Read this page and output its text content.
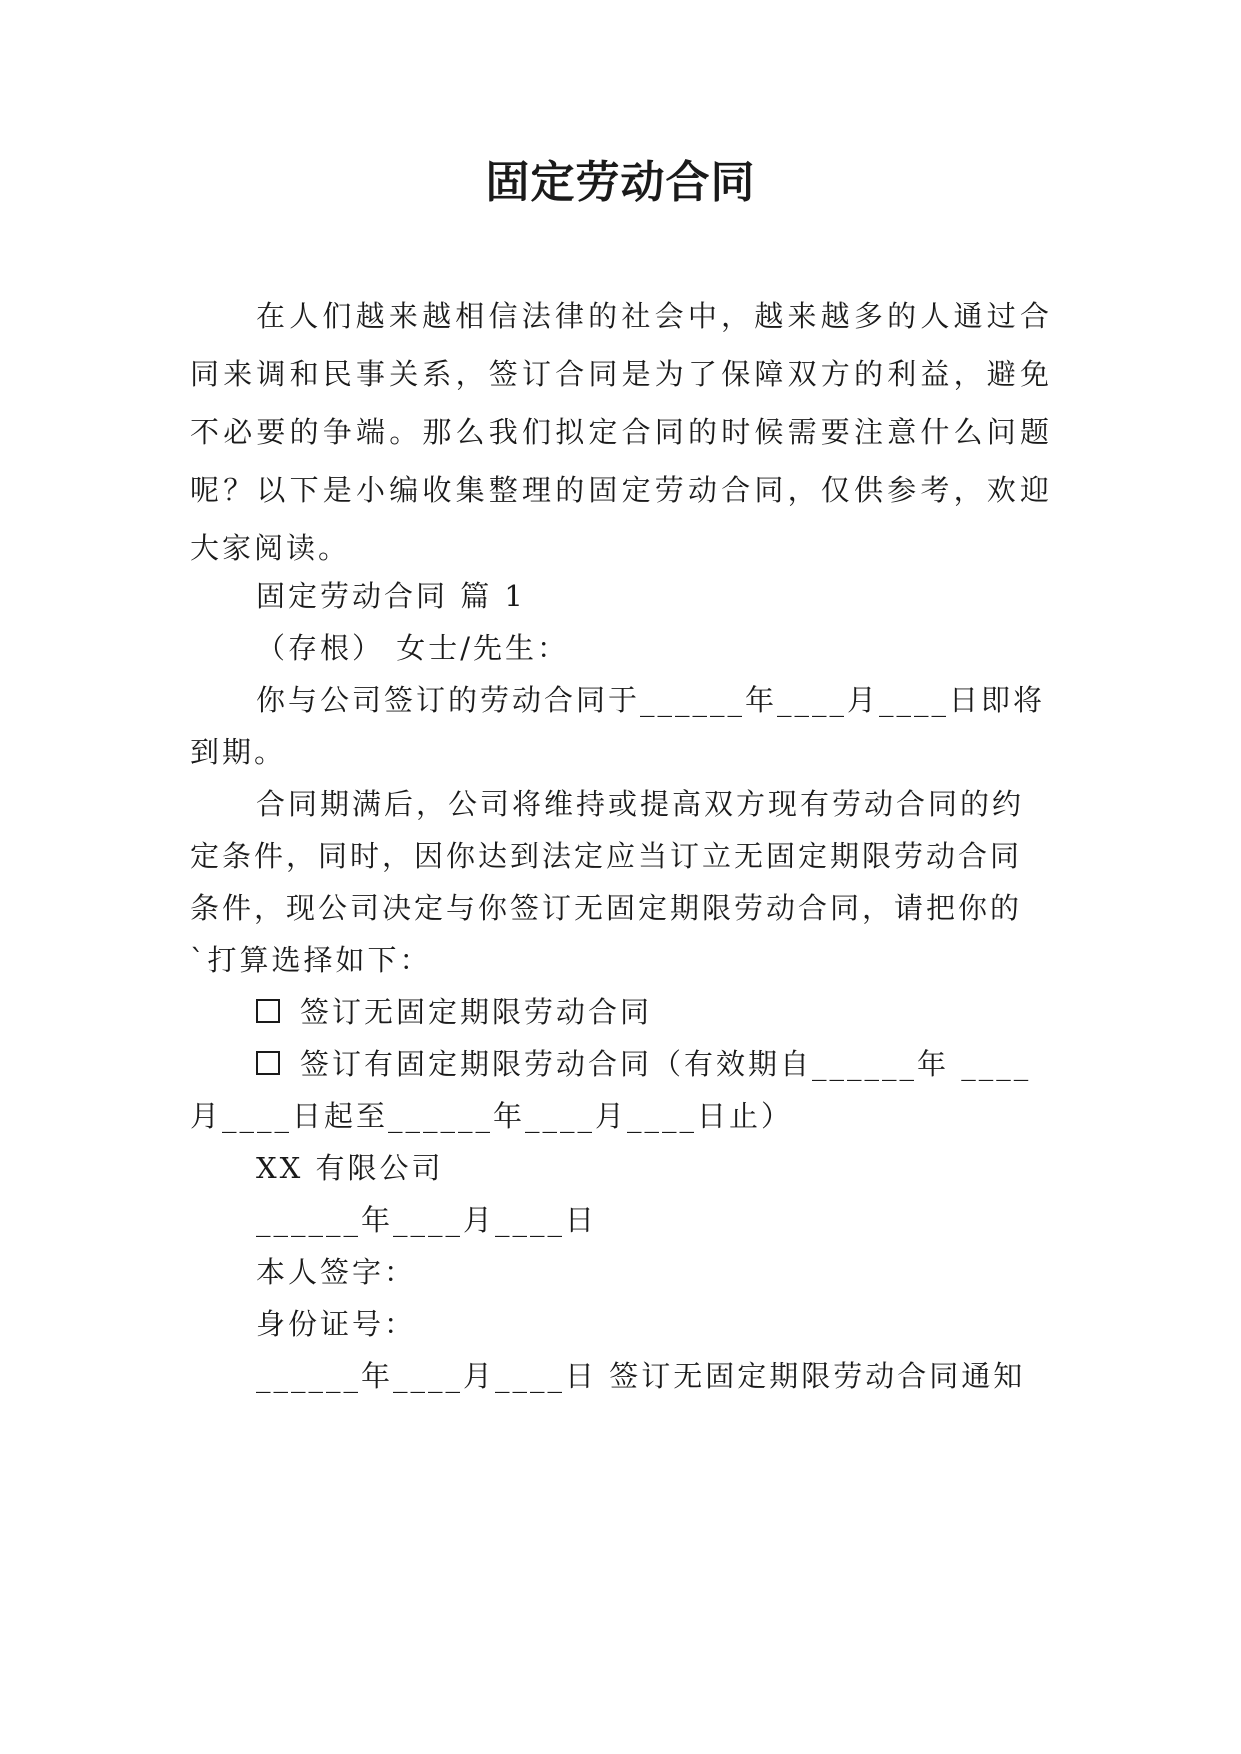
固定劳动合同

在人们越来越相信法律的社会中，越来越多的人通过合同来调和民事关系，签订合同是为了保障双方的利益，避免不必要的争端。那么我们拟定合同的时候需要注意什么问题呢？以下是小编收集整理的固定劳动合同，仅供参考，欢迎大家阅读。

固定劳动合同 篇 1

（存根） 女士/先生：

你与公司签订的劳动合同于______年____月____日即将

到期。

合同期满后，公司将维持或提高双方现有劳动合同的约

定条件，同时，因你达到法定应当订立无固定期限劳动合同

条件，现公司决定与你签订无固定期限劳动合同，请把你的

`打算选择如下：

签订无固定期限劳动合同

签订有固定期限劳动合同（有效期自______年 ____

月____日起至______年____月____日止）

XX 有限公司

______年____月____日

本人签字：

身份证号：

______年____月____日 签订无固定期限劳动合同通知
